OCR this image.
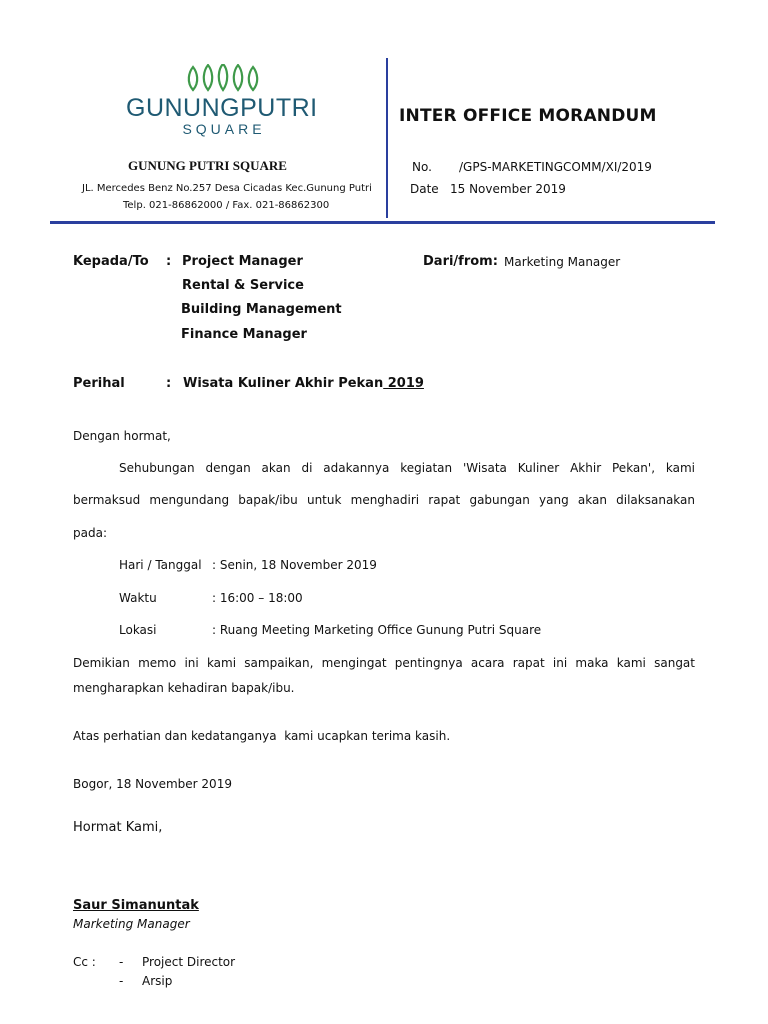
GUNUNGPUTRI
SQUARE
GUNUNG PUTRI SQUARE
JL. Mercedes Benz No.257 Desa Cicadas Kec.Gunung Putri
Telp. 021-86862000 / Fax. 021-86862300
INTER OFFICE MORANDUM
No. /GPS-MARKETINGCOMM/XI/2019
Date 15 November 2019
Kepada/To : Project Manager
Rental & Service
Building Management
Finance Manager
Dari/from: Marketing Manager
Perihal	: Wisata Kuliner Akhir Pekan 2019
Dengan hormat,
Sehubungan dengan akan di adakannya kegiatan 'Wisata Kuliner Akhir Pekan', kami
bermaksud mengundang bapak/ibu untuk menghadiri rapat gabungan yang akan dilaksanakan
pada:
Hari / Tanggal : Senin, 18 November 2019
Waktu	: 16:00 – 18:00
Lokasi	: Ruang Meeting Marketing Office Gunung Putri Square
Demikian memo ini kami sampaikan, mengingat pentingnya acara rapat ini maka kami sangat
mengharapkan kehadiran bapak/ibu.
Atas perhatian dan kedatanganya  kami ucapkan terima kasih.
Bogor, 18 November 2019
Hormat Kami,
Saur Simanuntak
Marketing Manager
Cc : - Project Director
- Arsip
